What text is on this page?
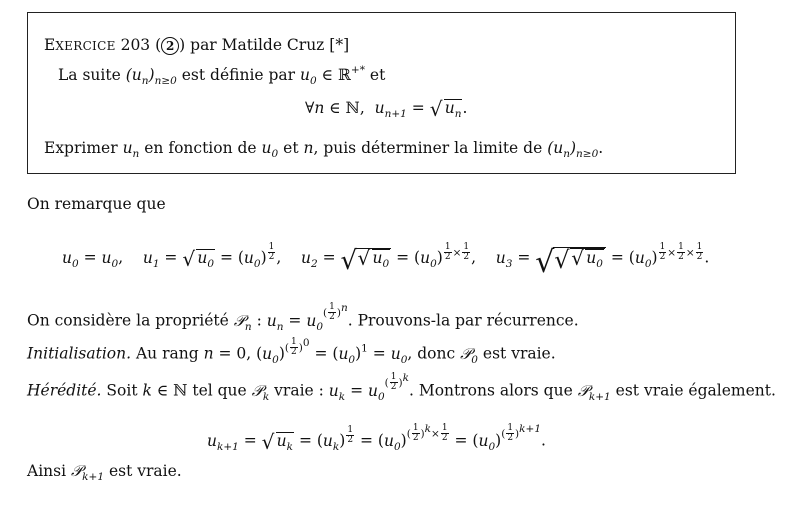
EXERCICE 203 ( 2 ) par Matilde Cruz [*]
La suite $(u_n)_{n\ge 0}$ est définie par $u_0$ ∈ ℝ+* et
∀n ∈ ℕ,  $u_{n+1}$ = √ $u_n$.
Exprimer $u_n$ en fonction de $u_0$ et n, puis déterminer la limite de $(u_n)_{n\ge 0}$.
On remarque que
$u_0 = u_0$,    $u_1$ = √ $u_0 = (u_0)$ $^{\frac{1}{2}}$ ,    $u_2$ = √ √ $u_0 = (u_0)$ $^{\frac{1}{2} \times \frac{1}{2}}$ ,    $u_3$ = √ √ √ $u_0 = (u_0)$ $^{\frac{1}{2} \times \frac{1}{2} \times \frac{1}{2}}$ .
On considère la propriété 𝒫$_n$ : $u_n = u_0^{( \frac{1}{2} )^n}$. Prouvons-la par récurrence.
Initialisation. Au rang n = 0, $(u_0)^{( \frac{1}{2} )^0} = (u_0)^1 = u_0$, donc 𝒫$_0$ est vraie.
Hérédité. Soit k ∈ ℕ tel que 𝒫$_k$ vraie : $u_k = u_0^{( \frac{1}{2} )^k}$. Montrons alors que 𝒫$_{k+1}$ est vraie également.
$u_{k+1}$ = √ $u_k = (u_k) ^{\frac{1}{2}} = (u_0)^{( \frac{1}{2} )^k\times \frac{1}{2}} = (u_0)^{( \frac{1}{2} )^{k+1}}$.
Ainsi 𝒫$_{k+1}$ est vraie.
